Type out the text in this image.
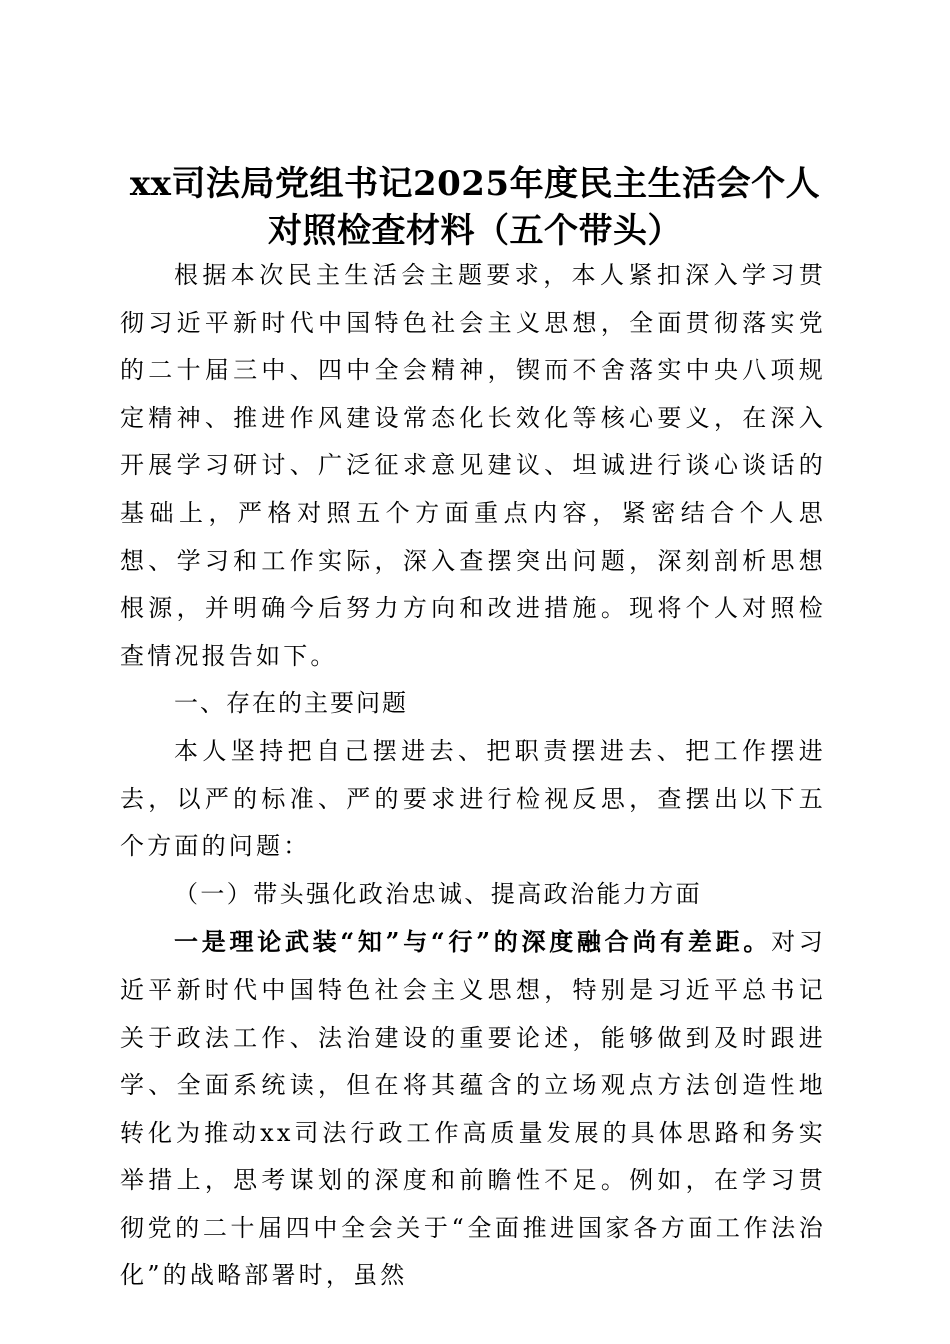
xx司法局党组书记2025年度民主生活会个人
对照检查材料（五个带头）

根据本次民主生活会主题要求，本人紧扣深入学习贯彻习近平新时代中国特色社会主义思想，全面贯彻落实党的二十届三中、四中全会精神，锲而不舍落实中央八项规定精神、推进作风建设常态化长效化等核心要义，在深入开展学习研讨、广泛征求意见建议、坦诚进行谈心谈话的基础上，严格对照五个方面重点内容，紧密结合个人思想、学习和工作实际，深入查摆突出问题，深刻剖析思想根源，并明确今后努力方向和改进措施。现将个人对照检查情况报告如下。

一、存在的主要问题

本人坚持把自己摆进去、把职责摆进去、把工作摆进去，以严的标准、严的要求进行检视反思，查摆出以下五个方面的问题：

（一）带头强化政治忠诚、提高政治能力方面

一是理论武装“知”与“行”的深度融合尚有差距。对习近平新时代中国特色社会主义思想，特别是习近平总书记关于政法工作、法治建设的重要论述，能够做到及时跟进学、全面系统读，但在将其蕴含的立场观点方法创造性地转化为推动xx司法行政工作高质量发展的具体思路和务实举措上，思考谋划的深度和前瞻性不足。例如，在学习贯彻党的二十届四中全会关于“全面推进国家各方面工作法治化”的战略部署时，虽然
